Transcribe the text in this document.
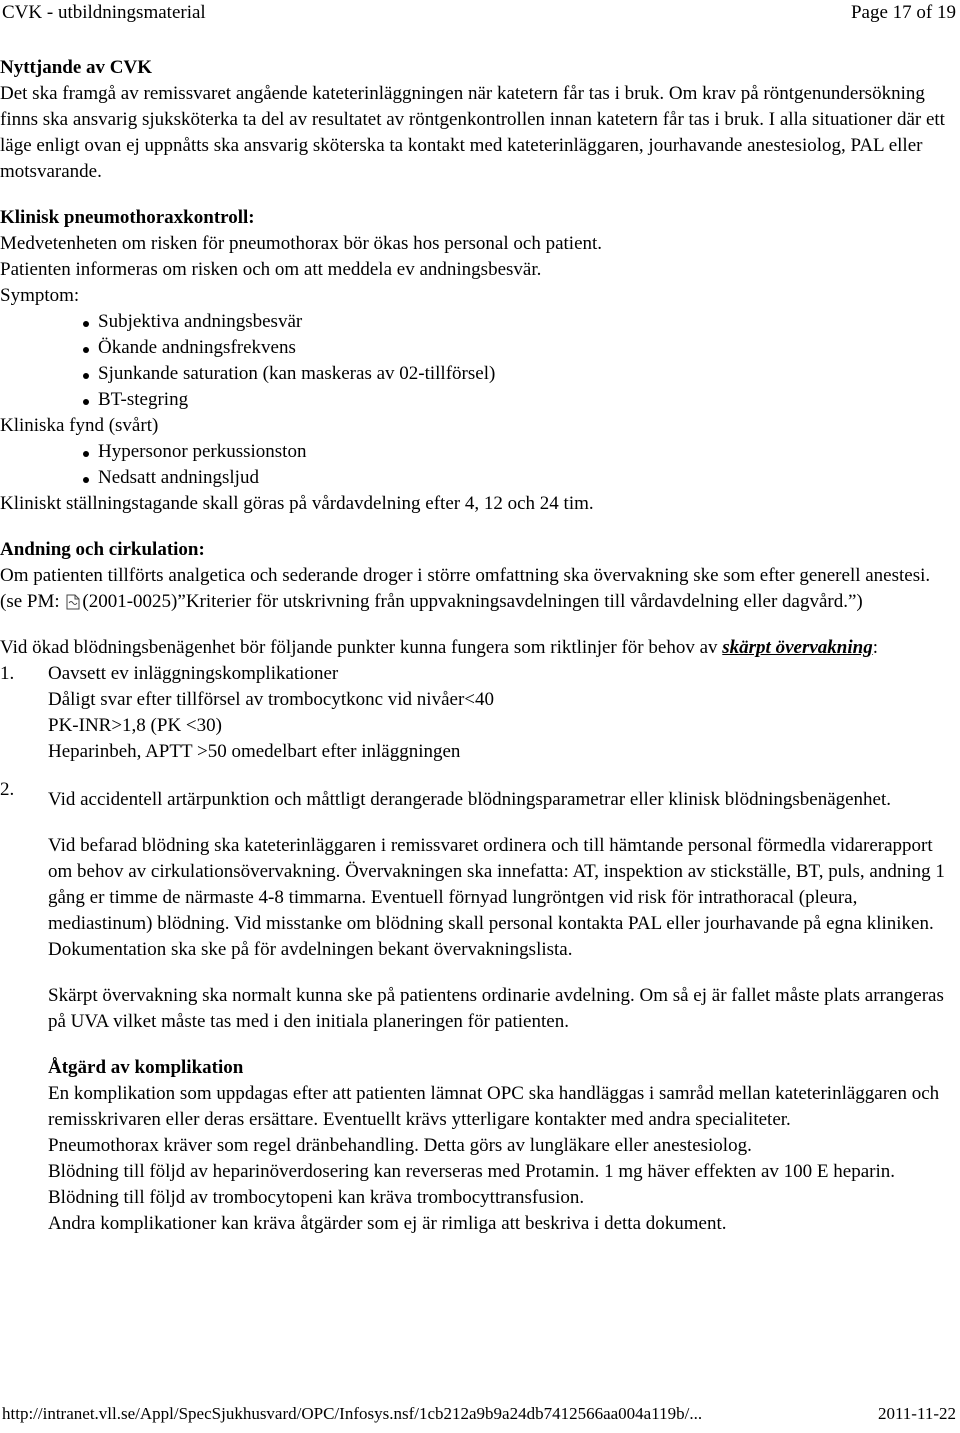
CVK - utbildningsmaterial	Page 17 of 19

Nyttjande av CVK

Det ska framgå av remissvaret angående kateterinläggningen när katetern får tas i bruk. Om krav på röntgenundersökning finns ska ansvarig sjuksköterka ta del av resultatet av röntgenkontrollen innan katetern får tas i bruk. I alla situationer där ett läge enligt ovan ej uppnåtts ska ansvarig sköterska ta kontakt med kateterinläggaren, jourhavande anestesiolog, PAL eller motsvarande.

Klinisk pneumothoraxkontroll:

Medvetenheten om risken för pneumothorax bör ökas hos personal och patient.

Patienten informeras om risken och om att meddela ev andningsbesvär.

Symptom:

Subjektiva andningsbesvär
Ökande andningsfrekvens
Sjunkande saturation (kan maskeras av 02-tillförsel)
BT-stegring

Kliniska fynd (svårt)

Hypersonor perkussionston
Nedsatt andningsljud

Kliniskt ställningstagande skall göras på vårdavdelning efter 4, 12 och 24 tim.

Andning och cirkulation:

Om patienten tillförts analgetica och sederande droger i större omfattning ska övervakning ske som efter generell anestesi.(se PM: (2001-0025)”Kriterier för utskrivning från uppvakningsavdelningen till vårdavdelning eller dagvård.”)

Vid ökad blödningsbenägenhet bör följande punkter kunna fungera som riktlinjer för behov av skärpt övervakning:

1. Oavsett ev inläggningskomplikationer
Dåligt svar efter tillförsel av trombocytkonc vid nivåer<40
PK-INR>1,8 (PK <30)
Heparinbeh, APTT >50 omedelbart efter inläggningen
2. Vid accidentell artärpunktion och måttligt derangerade blödningsparametrar eller klinisk blödningsbenägenhet.

Vid befarad blödning ska kateterinläggaren i remissvaret ordinera och till hämtande personal förmedla vidarerapport om behov av cirkulationsövervakning. Övervakningen ska innefatta: AT, inspektion av stickställe, BT, puls, andning 1 gång er timme de närmaste 4-8 timmarna. Eventuell förnyad lungröntgen vid risk för intrathoracal (pleura, mediastinum) blödning. Vid misstanke om blödning skall personal kontakta PAL eller jourhavande på egna kliniken. Dokumentation ska ske på för avdelningen bekant övervakningslista.

Skärpt övervakning ska normalt kunna ske på patientens ordinarie avdelning. Om så ej är fallet måste plats arrangeras på UVA vilket måste tas med i den initiala planeringen för patienten.

Åtgärd av komplikation

En komplikation som uppdagas efter att patienten lämnat OPC ska handläggas i samråd mellan kateterinläggaren och remisskrivaren eller deras ersättare. Eventuellt krävs ytterligare kontakter med andra specialiteter.

Pneumothorax kräver som regel dränbehandling. Detta görs av lungläkare eller anestesiolog.

Blödning till följd av heparinöverdosering kan reverseras med Protamin. 1 mg häver effekten av 100 E heparin.

Blödning till följd av trombocytopeni kan kräva trombocyttransfusion.

Andra komplikationer kan kräva åtgärder som ej är rimliga att beskriva i detta dokument.

http://intranet.vll.se/Appl/SpecSjukhusvard/OPC/Infosys.nsf/1cb212a9b9a24db7412566aa004a119b/...	2011-11-22
